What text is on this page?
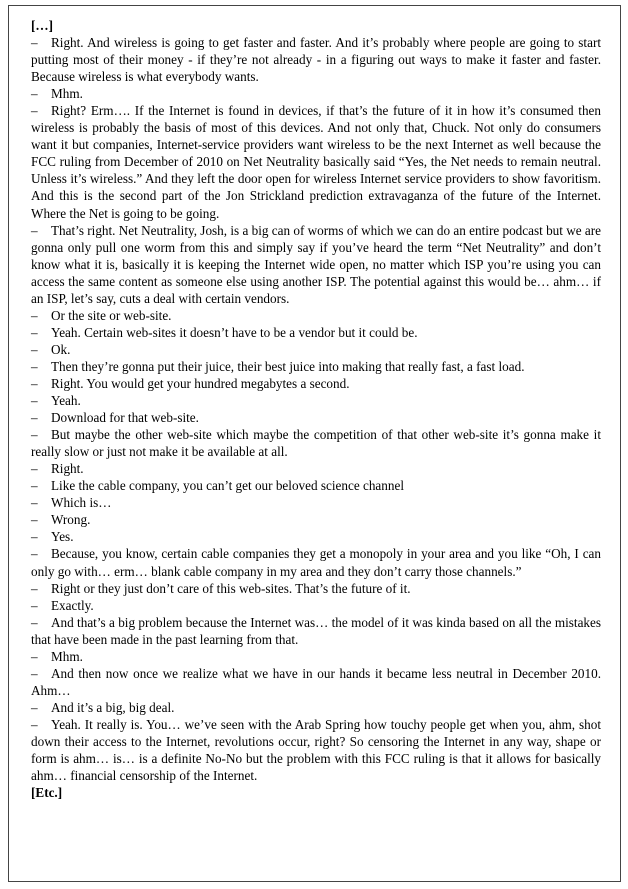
[…]
– Right. And wireless is going to get faster and faster. And it’s probably where people are going to start putting most of their money - if they’re not already - in a figuring out ways to make it faster and faster. Because wireless is what everybody wants.
– Mhm.
– Right? Erm…. If the Internet is found in devices, if that’s the future of it in how it’s consumed then wireless is probably the basis of most of this devices. And not only that, Chuck. Not only do consumers want it but companies, Internet-service providers want wireless to be the next Internet as well because the FCC ruling from December of 2010 on Net Neutrality basically said “Yes, the Net needs to remain neutral. Unless it’s wireless.” And they left the door open for wireless Internet service providers to show favoritism. And this is the second part of the Jon Strickland prediction extravaganza of the future of the Internet. Where the Net is going to be going.
– That’s right. Net Neutrality, Josh, is a big can of worms of which we can do an entire podcast but we are gonna only pull one worm from this and simply say if you’ve heard the term “Net Neutrality” and don’t know what it is, basically it is keeping the Internet wide open, no matter which ISP you’re using you can access the same content as someone else using another ISP. The potential against this would be… ahm… if an ISP, let’s say, cuts a deal with certain vendors.
– Or the site or web-site.
– Yeah. Certain web-sites it doesn’t have to be a vendor but it could be.
– Ok.
– Then they’re gonna put their juice, their best juice into making that really fast, a fast load.
– Right. You would get your hundred megabytes a second.
– Yeah.
– Download for that web-site.
– But maybe the other web-site which maybe the competition of that other web-site it’s gonna make it really slow or just not make it be available at all.
– Right.
– Like the cable company, you can’t get our beloved science channel
– Which is…
– Wrong.
– Yes.
– Because, you know, certain cable companies they get a monopoly in your area and you like “Oh, I can only go with… erm… blank cable company in my area and they don’t carry those channels.”
– Right or they just don’t care of this web-sites. That’s the future of it.
– Exactly.
– And that’s a big problem because the Internet was… the model of it was kinda based on all the mistakes that have been made in the past learning from that.
– Mhm.
– And then now once we realize what we have in our hands it became less neutral in December 2010. Ahm…
– And it’s a big, big deal.
– Yeah. It really is. You… we’ve seen with the Arab Spring how touchy people get when you, ahm, shot down their access to the Internet, revolutions occur, right? So censoring the Internet in any way, shape or form is ahm… is… is a definite No-No but the problem with this FCC ruling is that it allows for basically ahm… financial censorship of the Internet.
[Etc.]
